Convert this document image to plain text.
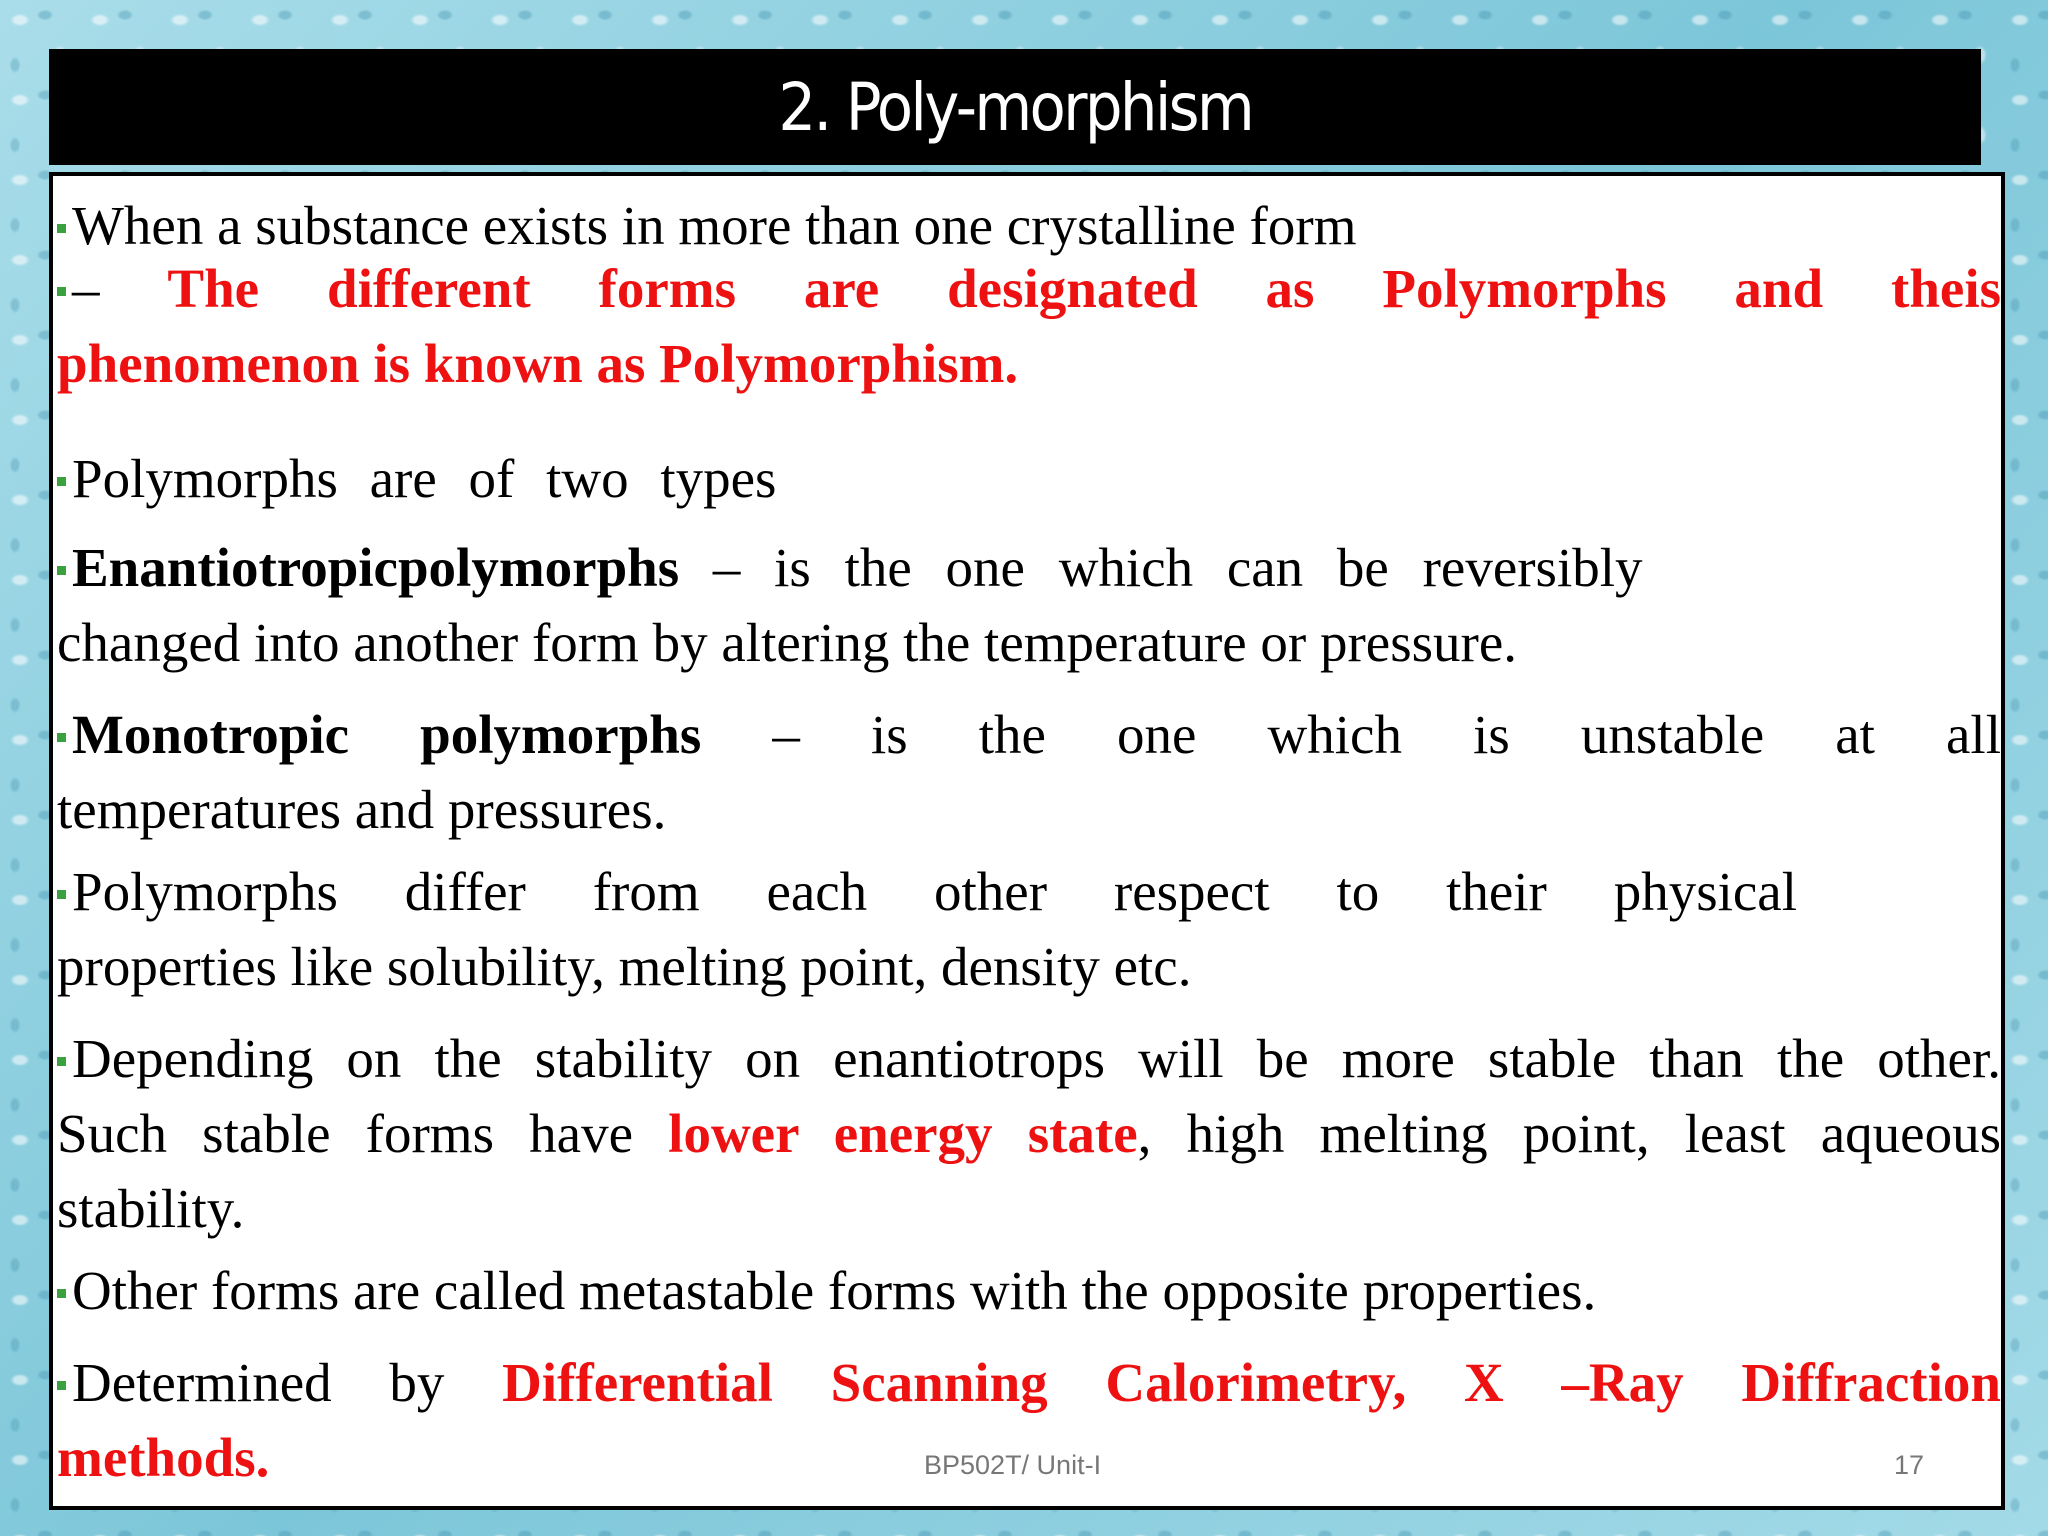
2. Poly-morphism

When a substance exists in more than one crystalline form

– The different forms are designated as Polymorphs and theis

phenomenon is known as Polymorphism.

Polymorphs are of two types

Enantiotropicpolymorphs – is the one which can be reversibly

changed into another form by altering the temperature or pressure.

Monotropic polymorphs – is the one which is unstable at all

temperatures and pressures.

Polymorphs differ from each other respect to their physical

properties like solubility, melting point, density etc.

Depending on the stability on enantiotrops will be more stable than the other.

Such stable forms have lower energy state, high melting point, least aqueous

stability.

Other forms are called metastable forms with the opposite properties.

Determined by Differential Scanning Calorimetry, X –Ray Diffraction

methods.	BP502T/ Unit-I	17
